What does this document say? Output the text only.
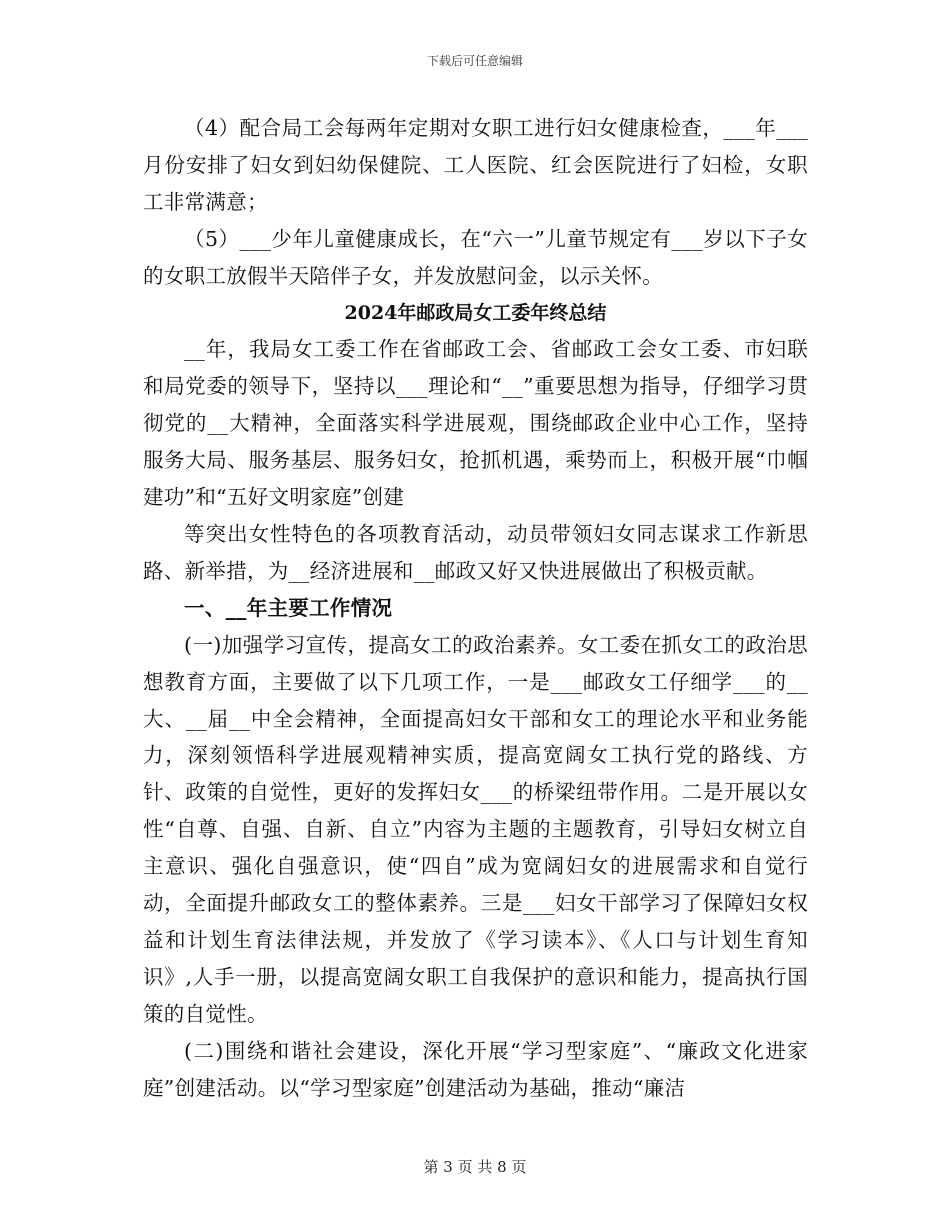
下载后可任意编辑

（4）配合局工会每两年定期对女职工进行妇女健康检查，___年___月份安排了妇女到妇幼保健院、工人医院、红会医院进行了妇检，女职工非常满意；

（5）___少年儿童健康成长，在“六一”儿童节规定有___岁以下子女的女职工放假半天陪伴子女，并发放慰问金，以示关怀。

2024年邮政局女工委年终总结

__年，我局女工委工作在省邮政工会、省邮政工会女工委、市妇联和局党委的领导下，坚持以___理论和“__”重要思想为指导，仔细学习贯彻党的__大精神，全面落实科学进展观，围绕邮政企业中心工作，坚持服务大局、服务基层、服务妇女，抢抓机遇，乘势而上，积极开展“巾帼建功”和“五好文明家庭”创建

等突出女性特色的各项教育活动，动员带领妇女同志谋求工作新思路、新举措，为__经济进展和__邮政又好又快进展做出了积极贡献。

一、__年主要工作情况

(一)加强学习宣传，提高女工的政治素养。女工委在抓女工的政治思想教育方面，主要做了以下几项工作，一是___邮政女工仔细学___的__大、__届__中全会精神，全面提高妇女干部和女工的理论水平和业务能力，深刻领悟科学进展观精神实质，提高宽阔女工执行党的路线、方针、政策的自觉性，更好的发挥妇女___的桥梁纽带作用。二是开展以女性“自尊、自强、自新、自立”内容为主题的主题教育，引导妇女树立自主意识、强化自强意识，使“四自”成为宽阔妇女的进展需求和自觉行动，全面提升邮政女工的整体素养。三是___妇女干部学习了保障妇女权益和计划生育法律法规，并发放了《学习读本》、《人口与计划生育知识》,人手一册，以提高宽阔女职工自我保护的意识和能力，提高执行国策的自觉性。

(二)围绕和谐社会建设，深化开展“学习型家庭”、“廉政文化进家庭”创建活动。以“学习型家庭”创建活动为基础，推动“廉洁

第 3 页 共 8 页
